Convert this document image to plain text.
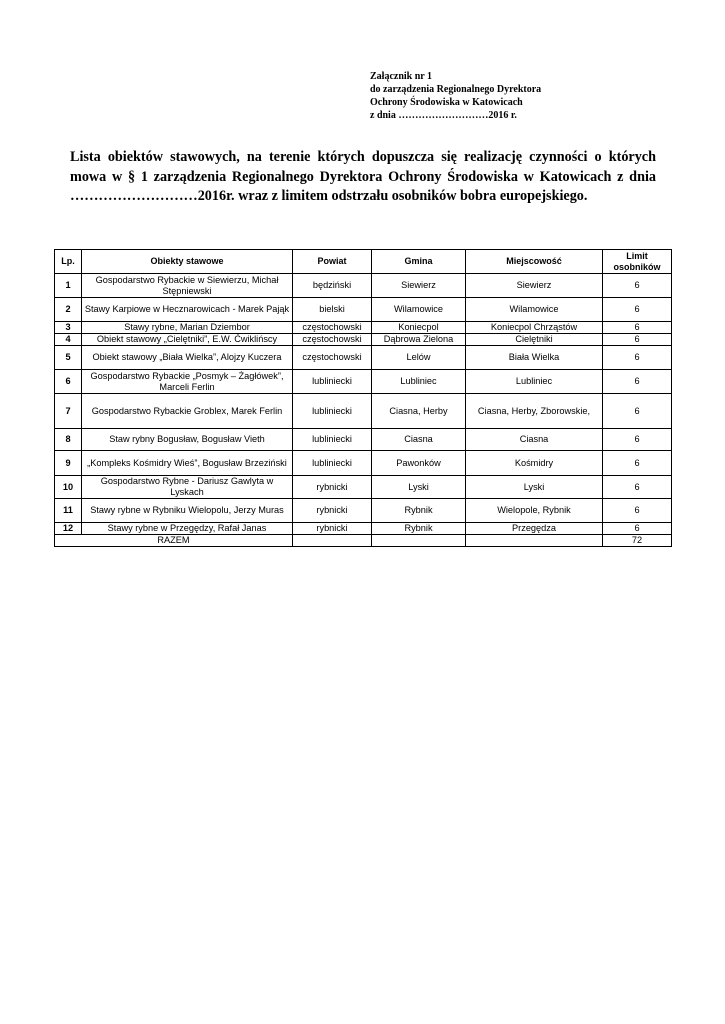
Załącznik nr 1
do zarządzenia Regionalnego Dyrektora
Ochrony Środowiska w Katowicach
z dnia ………………………2016 r.
Lista obiektów stawowych, na terenie których dopuszcza się realizację czynności o których
mowa w § 1 zarządzenia Regionalnego Dyrektora Ochrony Środowiska w Katowicach z dnia
………………………2016r. wraz z limitem odstrzału osobników bobra europejskiego.
Lp.	Obiekty stawowe	Powiat	Gmina	Miejscowość	Limit osobników
1	Gospodarstwo Rybackie w Siewierzu, Michał Stępniewski	będziński	Siewierz	Siewierz	6
2	Stawy Karpiowe w Hecznarowicach - Marek Pająk	bielski	Wilamowice	Wilamowice	6
3	Stawy rybne, Marian Dziembor	częstochowski	Koniecpol	Koniecpol Chrząstów	6
4	Obiekt stawowy „Cielętniki”, E.W. Ćwiklińscy	częstochowski	Dąbrowa Zielona	Cielętniki	6
5	Obiekt stawowy „Biała Wielka”, Alojzy Kuczera	częstochowski	Lelów	Biała Wielka	6
6	Gospodarstwo Rybackie „Posmyk – Żagłówek”, Marceli Ferlin	lubliniecki	Lubliniec	Lubliniec	6
7	Gospodarstwo Rybackie Groblex, Marek Ferlin	lubliniecki	Ciasna, Herby	Ciasna, Herby, Zborowskie,	6
8	Staw rybny Bogusław, Bogusław Vieth	lubliniecki	Ciasna	Ciasna	6
9	„Kompleks Kośmidry Wieś”, Bogusław Brzeziński	lubliniecki	Pawonków	Kośmidry	6
10	Gospodarstwo Rybne - Dariusz Gawlyta w Lyskach	rybnicki	Lyski	Lyski	6
11	Stawy rybne w Rybniku Wielopolu, Jerzy Muras	rybnicki	Rybnik	Wielopole, Rybnik	6
12	Stawy rybne w Przegędzy, Rafał Janas	rybnicki	Rybnik	Przegędza	6
RAZEM					72
